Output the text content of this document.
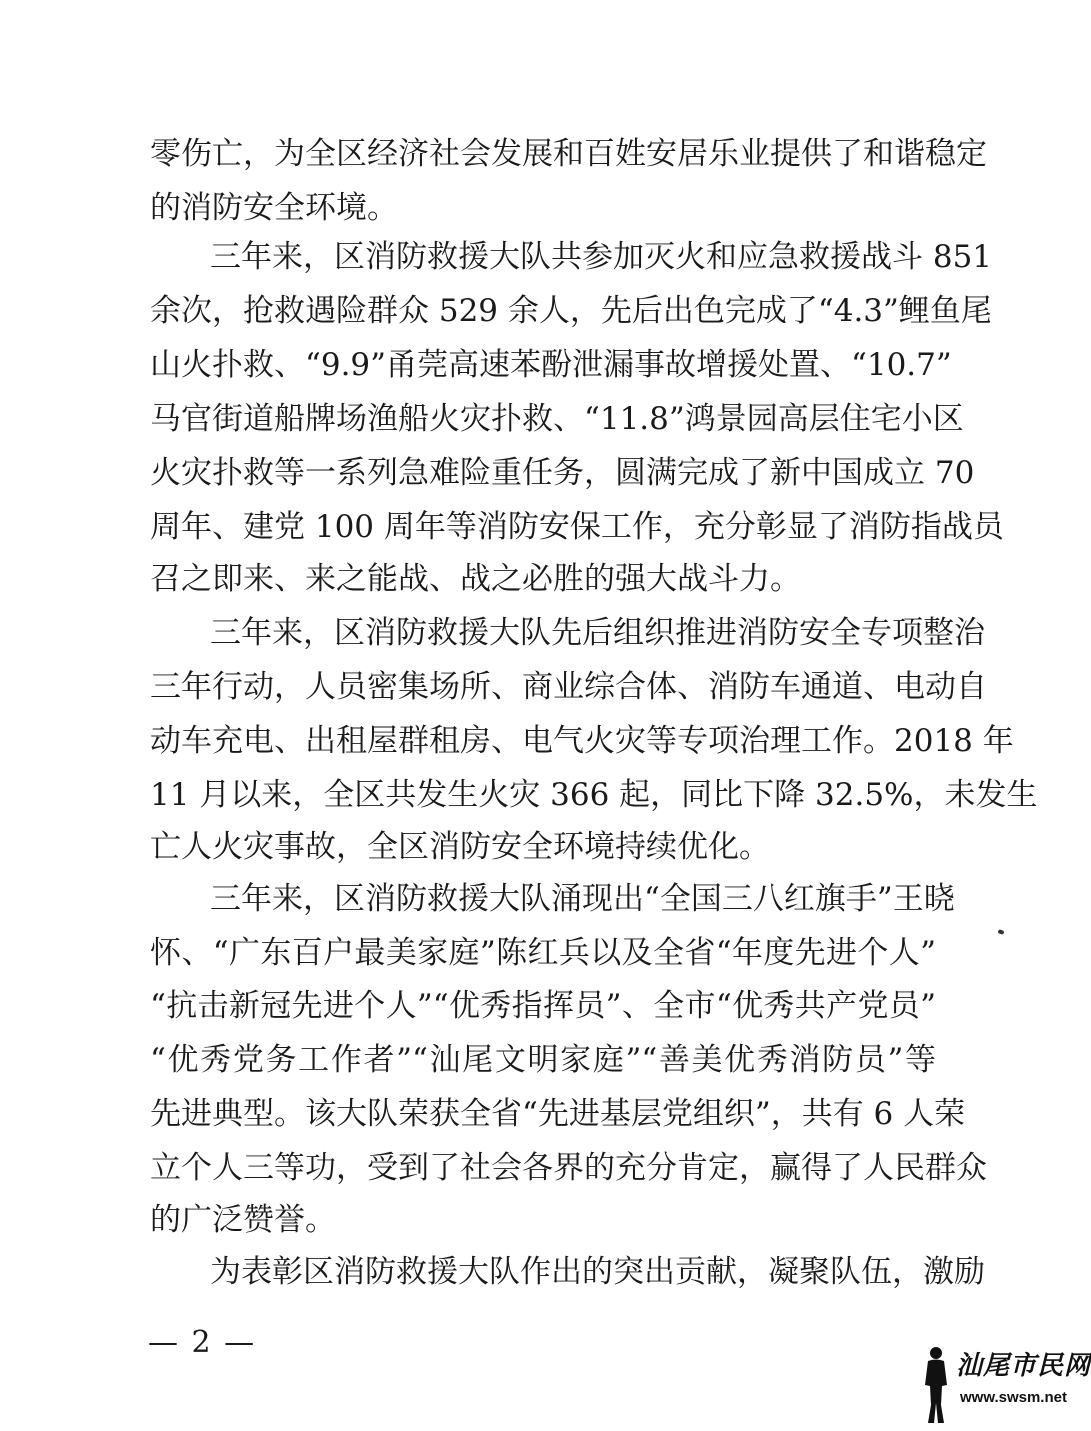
零伤亡，为全区经济社会发展和百姓安居乐业提供了和谐稳定
的消防安全环境。
三年来，区消防救援大队共参加灭火和应急救援战斗 851
余次，抢救遇险群众 529 余人，先后出色完成了“4.3”鲤鱼尾
山火扑救、“9.9”甬莞高速苯酚泄漏事故增援处置、“10.7”
马官街道船牌场渔船火灾扑救、“11.8”鸿景园高层住宅小区
火灾扑救等一系列急难险重任务，圆满完成了新中国成立 70
周年、建党 100 周年等消防安保工作，充分彰显了消防指战员
召之即来、来之能战、战之必胜的强大战斗力。
三年来，区消防救援大队先后组织推进消防安全专项整治
三年行动，人员密集场所、商业综合体、消防车通道、电动自
动车充电、出租屋群租房、电气火灾等专项治理工作。2018 年
11 月以来，全区共发生火灾 366 起，同比下降 32.5%，未发生
亡人火灾事故，全区消防安全环境持续优化。
三年来，区消防救援大队涌现出“全国三八红旗手”王晓
怀、“广东百户最美家庭”陈红兵以及全省“年度先进个人”
“抗击新冠先进个人”“优秀指挥员”、全市“优秀共产党员”
“优秀党务工作者”“汕尾文明家庭”“善美优秀消防员”等
先进典型。该大队荣获全省“先进基层党组织”，共有 6 人荣
立个人三等功，受到了社会各界的充分肯定，赢得了人民群众
的广泛赞誉。
为表彰区消防救援大队作出的突出贡献，凝聚队伍，激励
— 2 —
汕尾市民网
www.swsm.net
